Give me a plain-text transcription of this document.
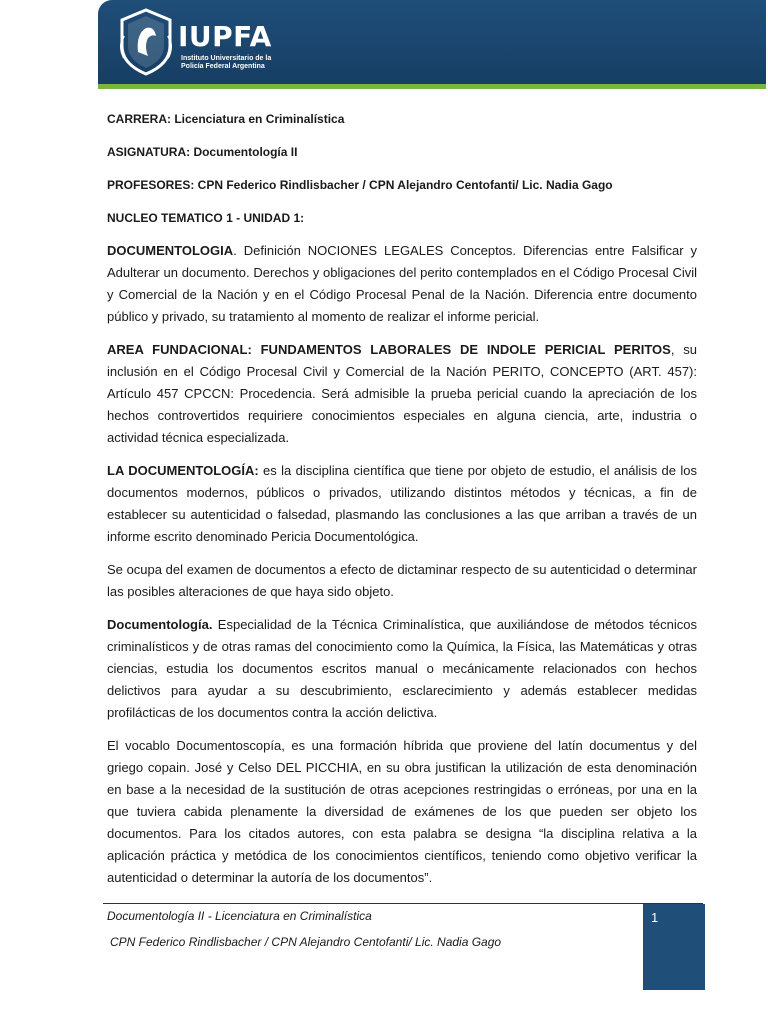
IUPFA
Instituto Universitario de la
Policía Federal Argentina

CARRERA: Licenciatura en Criminalística

ASIGNATURA: Documentología II

PROFESORES: CPN Federico Rindlisbacher / CPN Alejandro Centofanti/ Lic. Nadia Gago

NUCLEO TEMATICO 1 - UNIDAD 1:

DOCUMENTOLOGIA. Definición NOCIONES LEGALES Conceptos. Diferencias entre Falsificar y Adulterar un documento. Derechos y obligaciones del perito contemplados en el Código Procesal Civil y Comercial de la Nación y en el Código Procesal Penal de la Nación. Diferencia entre documento público y privado, su tratamiento al momento de realizar el informe pericial.

AREA FUNDACIONAL: FUNDAMENTOS LABORALES DE INDOLE PERICIAL PERITOS, su inclusión en el Código Procesal Civil y Comercial de la Nación PERITO, CONCEPTO (ART. 457): Artículo 457 CPCCN: Procedencia. Será admisible la prueba pericial cuando la apreciación de los hechos controvertidos requiriere conocimientos especiales en alguna ciencia, arte, industria o actividad técnica especializada.

LA DOCUMENTOLOGÍA: es la disciplina científica que tiene por objeto de estudio, el análisis de los documentos modernos, públicos o privados, utilizando distintos métodos y técnicas, a fin de establecer su autenticidad o falsedad, plasmando las conclusiones a las que arriban a través de un informe escrito denominado Pericia Documentológica.

Se ocupa del examen de documentos a efecto de dictaminar respecto de su autenticidad o determinar las posibles alteraciones de que haya sido objeto.

Documentología. Especialidad de la Técnica Criminalística, que auxiliándose de métodos técnicos criminalísticos y de otras ramas del conocimiento como la Química, la Física, las Matemáticas y otras ciencias, estudia los documentos escritos manual o mecánicamente relacionados con hechos delictivos para ayudar a su descubrimiento, esclarecimiento y además establecer medidas profilácticas de los documentos contra la acción delictiva.

El vocablo Documentoscopía, es una formación híbrida que proviene del latín documentus y del griego copain. José y Celso DEL PICCHIA, en su obra justifican la utilización de esta denominación en base a la necesidad de la sustitución de otras acepciones restringidas o erróneas, por una en la que tuviera cabida plenamente la diversidad de exámenes de los que pueden ser objeto los documentos. Para los citados autores, con esta palabra se designa “la disciplina relativa a la aplicación práctica y metódica de los conocimientos científicos, teniendo como objetivo verificar la autenticidad o determinar la autoría de los documentos”.

Documentología II - Licenciatura en Criminalística
CPN Federico Rindlisbacher / CPN Alejandro Centofanti/ Lic. Nadia Gago
1
